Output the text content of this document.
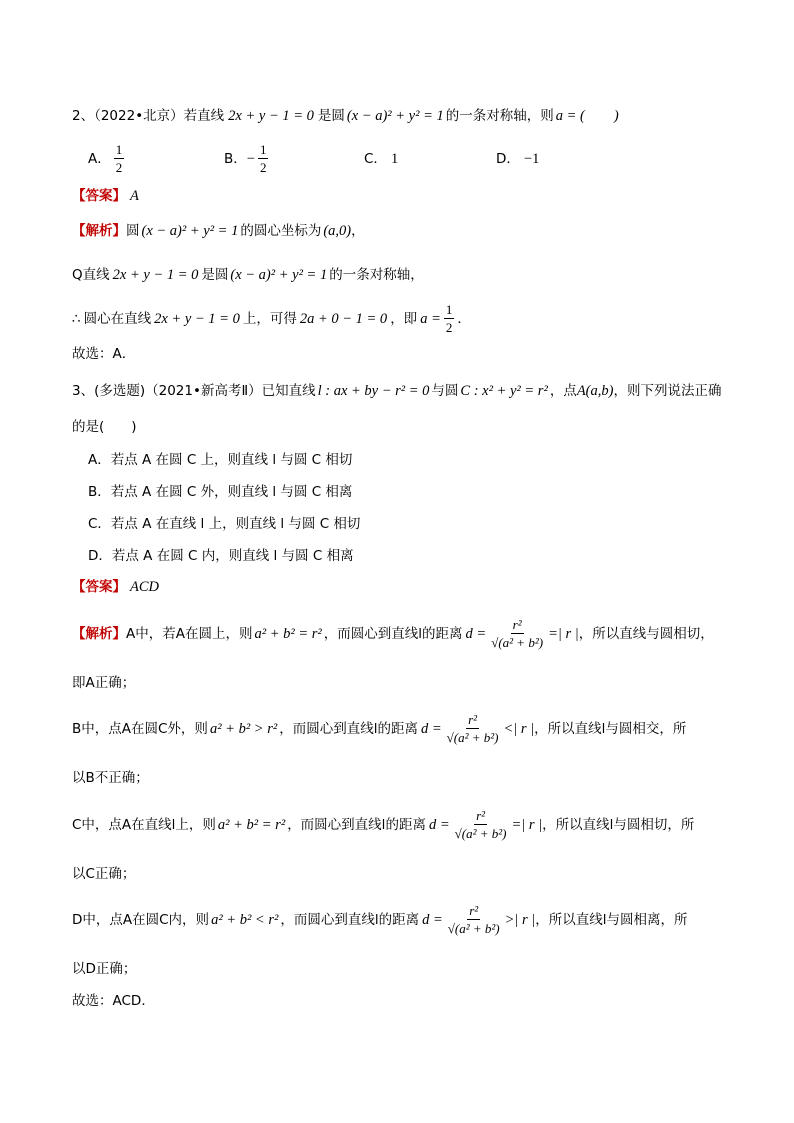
2、（2022•北京）若直线 2x + y − 1 = 0 是圆 (x − a)² + y² = 1 的一条对称轴，则 a = (　　)
A． $\frac{1}{2}$	B． − $\frac{1}{2}$	C． 1	D． −1
【答案】 A
【解析】 圆 (x − a)² + y² = 1 的圆心坐标为 (a,0) ，
Q 直线 2x + y − 1 = 0 是圆 (x − a)² + y² = 1 的一条对称轴，
∴ 圆心在直线 2x + y − 1 = 0 上，可得 2a + 0 − 1 = 0 ，即 $a = \frac{1}{2}$ ．
故选：A．
3、(多选题)（2021•新高考Ⅱ）已知直线 l : ax + by − r² = 0 与圆 C : x² + y² = r² ，点 A(a,b) ，则下列说法正确
的是(　　)
A．若点 A 在圆 C 上，则直线 l 与圆 C 相切
B．若点 A 在圆 C 外，则直线 l 与圆 C 相离
C．若点 A 在直线 l 上，则直线 l 与圆 C 相切
D．若点 A 在圆 C 内，则直线 l 与圆 C 相离
【答案】 ACD
【解析】 A中，若A在圆上，则 a² + b² = r² ，而圆心到直线l的距离 $d = \frac{\text{r²}}{\text{√(a² + b²)}}$ =| r | ，所以直线与圆相切，
即A正确；
B中，点A在圆C外，则 a² + b² > r² ，而圆心到直线l的距离 $d = \frac{\text{r²}}{\text{√(a² + b²)}}$ <| r | ，所以直线l与圆相交，所
以B不正确；
C中，点A在直线l上，则 a² + b² = r² ，而圆心到直线l的距离 $d = \frac{\text{r²}}{\text{√(a² + b²)}}$ =| r | ，所以直线l与圆相切，所
以C正确；
D中，点A在圆C内，则 a² + b² < r² ，而圆心到直线l的距离 $d = \frac{\text{r²}}{\text{√(a² + b²)}}$ >| r | ，所以直线l与圆相离，所
以D正确；
故选：ACD．
